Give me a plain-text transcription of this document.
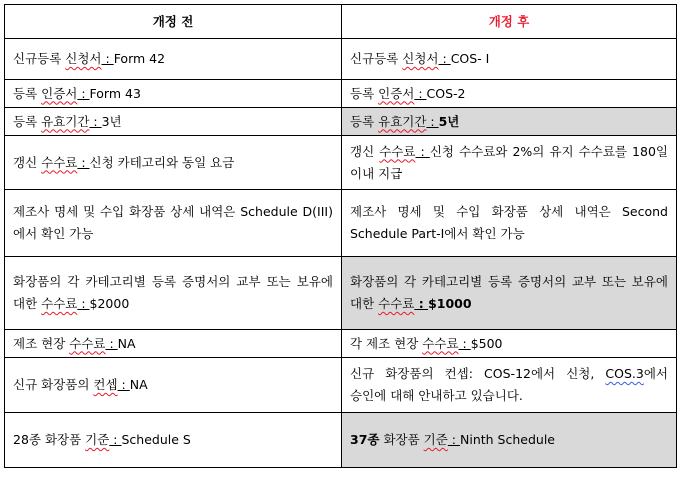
개정 전	개정 후
신규등록 신청서 : Form 42	신규등록 신청서 : COS- I
등록 인증서 : Form 43	등록 인증서 : COS-2
등록 유효기간 : 3년	등록 유효기간 : 5년
갱신 수수료 : 신청 카테고리와 동일 요금	갱신 수수료 : 신청 수수료와 2%의 유지 수수료를 180일 이내 지급
제조사 명세 및 수입 화장품 상세 내역은 Schedule D(III)에서 확인 가능	제조사 명세 및 수입 화장품 상세 내역은 Second Schedule Part-I에서 확인 가능
화장품의 각 카테고리별 등록 증명서의 교부 또는 보유에 대한 수수료 : $2000	화장품의 각 카테고리별 등록 증명서의 교부 또는 보유에 대한 수수료 : $1000
제조 현장 수수료 : NA	각 제조 현장 수수료 : $500
신규 화장품의 컨셉 : NA	신규 화장품의 컨셉: COS-12에서 신청, COS.3에서 승인에 대해 안내하고 있습니다.
28종 화장품 기준 : Schedule S	37종 화장품 기준 : Ninth Schedule
